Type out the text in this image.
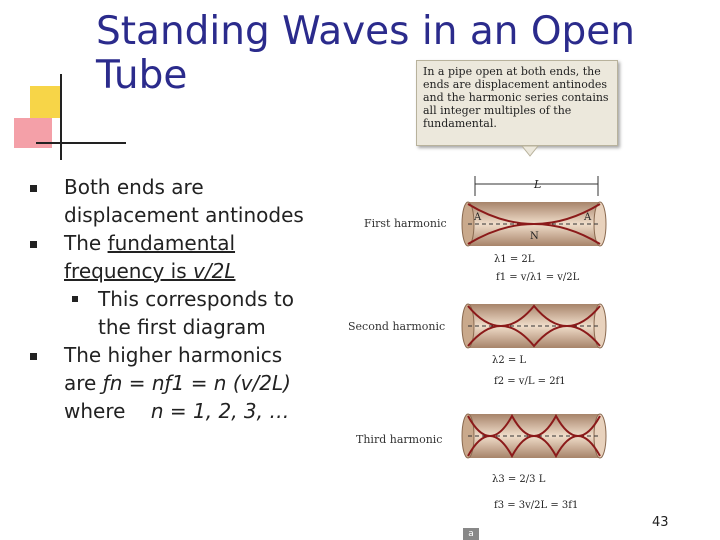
Standing Waves in an Open Tube	In a pipe open at both ends, the ends are displacement antinodes and the harmonic series contains all integer multiples of the fundamental.
Both ends are
displacement antinodes
The fundamental
frequency is v/2L
This corresponds to
the first diagram
The higher harmonics
are ƒn = nƒ1 = n (v/2L)
where n = 1, 2, 3, …
L
A	A
N
First harmonic
Second harmonic
Third harmonic
λ1 = 2L
f1 = v/λ1 = v/2L
λ2 = L
f2 = v/L = 2f1
λ3 = 2/3 L
f3 = 3v/2L = 3f1
a
43
